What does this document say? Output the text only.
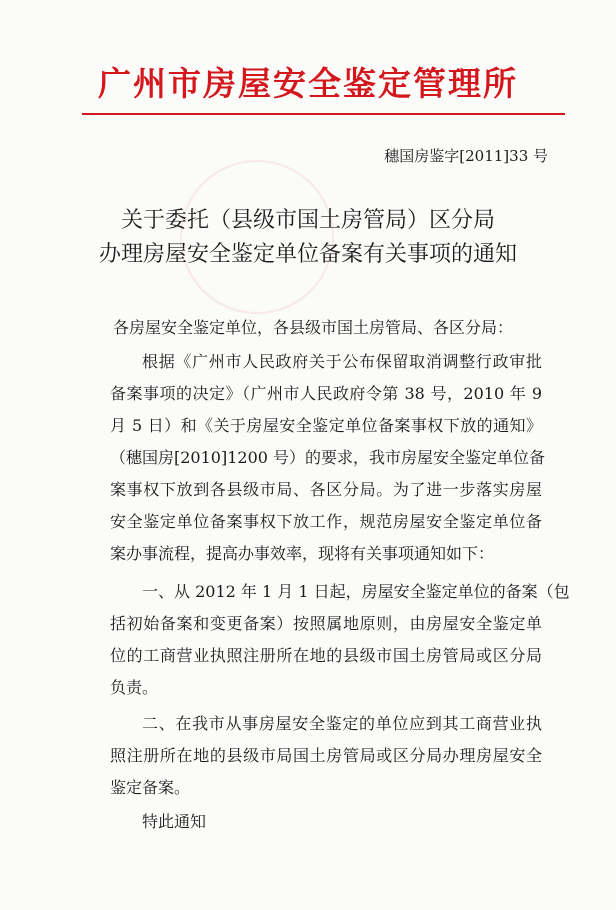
广州市房屋安全鉴定管理所
穗国房鉴字[2011]33 号
关于委托（县级市国土房管局）区分局
办理房屋安全鉴定单位备案有关事项的通知
各房屋安全鉴定单位，各县级市国土房管局、各区分局：
根据《广州市人民政府关于公布保留取消调整行政审批
备案事项的决定》（广州市人民政府令第 38 号，2010 年 9
月 5 日）和《关于房屋安全鉴定单位备案事权下放的通知》
（穗国房[2010]1200 号）的要求，我市房屋安全鉴定单位备
案事权下放到各县级市局、各区分局。为了进一步落实房屋
安全鉴定单位备案事权下放工作，规范房屋安全鉴定单位备
案办事流程，提高办事效率，现将有关事项通知如下：
一、从 2012 年 1 月 1 日起，房屋安全鉴定单位的备案（包
括初始备案和变更备案）按照属地原则，由房屋安全鉴定单
位的工商营业执照注册所在地的县级市国土房管局或区分局
负责。
二、在我市从事房屋安全鉴定的单位应到其工商营业执
照注册所在地的县级市局国土房管局或区分局办理房屋安全
鉴定备案。
特此通知
